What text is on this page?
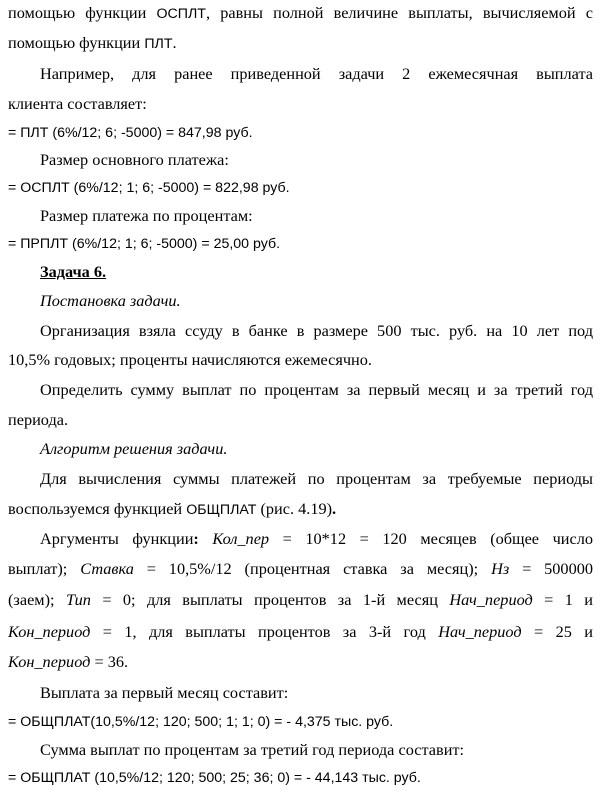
помощью функции ОСПЛТ, равны полной величине выплаты, вычисляемой с
помощью функции ПЛТ.
Например, для ранее приведенной задачи 2 ежемесячная выплата
клиента составляет:
= ПЛТ (6%/12; 6; -5000) = 847,98 руб.
Размер основного платежа:
= ОСПЛТ (6%/12; 1; 6; -5000) = 822,98 руб.
Размер платежа по процентам:
= ПРПЛТ (6%/12; 1; 6; -5000) = 25,00 руб.
Задача 6.
Постановка задачи.
Организация взяла ссуду в банке в размере 500 тыс. руб. на 10 лет под
10,5% годовых; проценты начисляются ежемесячно.
Определить сумму выплат по процентам за первый месяц и за третий год
периода.
Алгоритм решения задачи.
Для вычисления суммы платежей по процентам за требуемые периоды
воспользуемся функцией ОБЩПЛАТ (рис. 4.19).
Аргументы функции: Кол_пер = 10*12 = 120 месяцев (общее число
выплат); Ставка = 10,5%/12 (процентная ставка за месяц); Нз = 500000
(заем); Тип = 0; для выплаты процентов за 1-й месяц Нач_период = 1 и
Кон_период = 1, для выплаты процентов за 3-й год Нач_период = 25 и
Кон_период = 36.
Выплата за первый месяц составит:
= ОБЩПЛАТ(10,5%/12; 120; 500; 1; 1; 0) = - 4,375 тыс. руб.
Сумма выплат по процентам за третий год периода составит:
= ОБЩПЛАТ (10,5%/12; 120; 500; 25; 36; 0) = - 44,143 тыс. руб.
